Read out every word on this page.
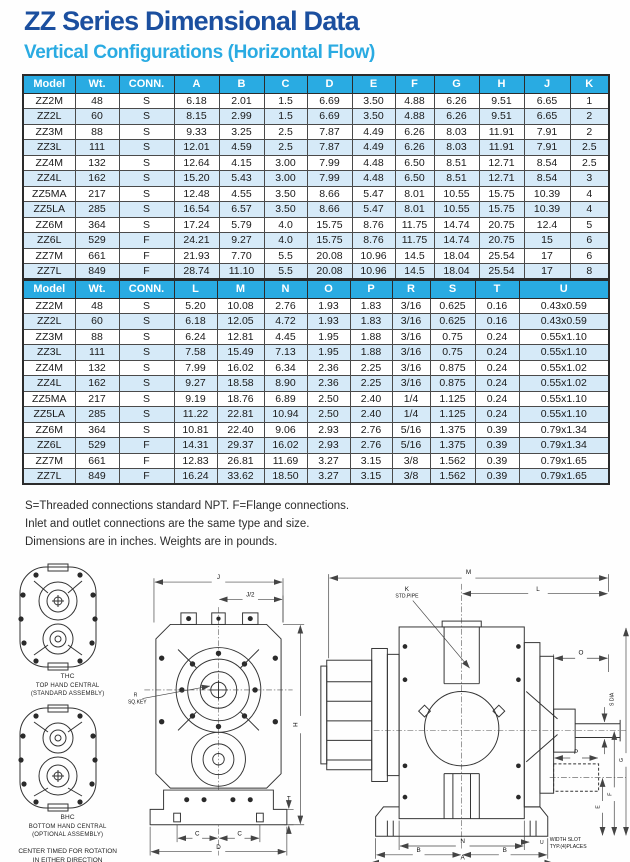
ZZ Series Dimensional Data
Vertical Configurations (Horizontal Flow)
Model	Wt.	CONN.	A	B	C	D	E	F	G	H	J	K
ZZ2M	48	S	6.18	2.01	1.5	6.69	3.50	4.88	6.26	9.51	6.65	1
ZZ2L	60	S	8.15	2.99	1.5	6.69	3.50	4.88	6.26	9.51	6.65	2
ZZ3M	88	S	9.33	3.25	2.5	7.87	4.49	6.26	8.03	11.91	7.91	2
ZZ3L	111	S	12.01	4.59	2.5	7.87	4.49	6.26	8.03	11.91	7.91	2.5
ZZ4M	132	S	12.64	4.15	3.00	7.99	4.48	6.50	8.51	12.71	8.54	2.5
ZZ4L	162	S	15.20	5.43	3.00	7.99	4.48	6.50	8.51	12.71	8.54	3
ZZ5MA	217	S	12.48	4.55	3.50	8.66	5.47	8.01	10.55	15.75	10.39	4
ZZ5LA	285	S	16.54	6.57	3.50	8.66	5.47	8.01	10.55	15.75	10.39	4
ZZ6M	364	S	17.24	5.79	4.0	15.75	8.76	11.75	14.74	20.75	12.4	5
ZZ6L	529	F	24.21	9.27	4.0	15.75	8.76	11.75	14.74	20.75	15	6
ZZ7M	661	F	21.93	7.70	5.5	20.08	10.96	14.5	18.04	25.54	17	6
ZZ7L	849	F	28.74	11.10	5.5	20.08	10.96	14.5	18.04	25.54	17	8
Model	Wt.	CONN.	L	M	N	O	P	R	S	T	U
ZZ2M	48	S	5.20	10.08	2.76	1.93	1.83	3/16	0.625	0.16	0.43x0.59
ZZ2L	60	S	6.18	12.05	4.72	1.93	1.83	3/16	0.625	0.16	0.43x0.59
ZZ3M	88	S	6.24	12.81	4.45	1.95	1.88	3/16	0.75	0.24	0.55x1.10
ZZ3L	111	S	7.58	15.49	7.13	1.95	1.88	3/16	0.75	0.24	0.55x1.10
ZZ4M	132	S	7.99	16.02	6.34	2.36	2.25	3/16	0.875	0.24	0.55x1.02
ZZ4L	162	S	9.27	18.58	8.90	2.36	2.25	3/16	0.875	0.24	0.55x1.02
ZZ5MA	217	S	9.19	18.76	6.89	2.50	2.40	1/4	1.125	0.24	0.55x1.10
ZZ5LA	285	S	11.22	22.81	10.94	2.50	2.40	1/4	1.125	0.24	0.55x1.10
ZZ6M	364	S	10.81	22.40	9.06	2.93	2.76	5/16	1.375	0.39	0.79x1.34
ZZ6L	529	F	14.31	29.37	16.02	2.93	2.76	5/16	1.375	0.39	0.79x1.34
ZZ7M	661	F	12.83	26.81	11.69	3.27	3.15	3/8	1.562	0.39	0.79x1.65
ZZ7L	849	F	16.24	33.62	18.50	3.27	3.15	3/8	1.562	0.39	0.79x1.65

S=Threaded connections standard NPT. F=Flange connections.

Inlet and outlet connections are the same type and size.

Dimensions are in inches. Weights are in pounds.

THC
TOP HAND CENTRAL
(STANDARD ASSEMBLY)
BHC
BOTTOM HAND CENTRAL
(OPTIONAL ASSEMBLY)
CENTER TIMED FOR ROTATION
IN EITHER DIRECTION
J
J/2
H
R
SQ.KEY
T
C	C
D
M
K
STD.PIPE
L
O
S DIA
P
E
F
G
N
B	B
A
U WIDTH SLOT
TYP.(4)PLACES
